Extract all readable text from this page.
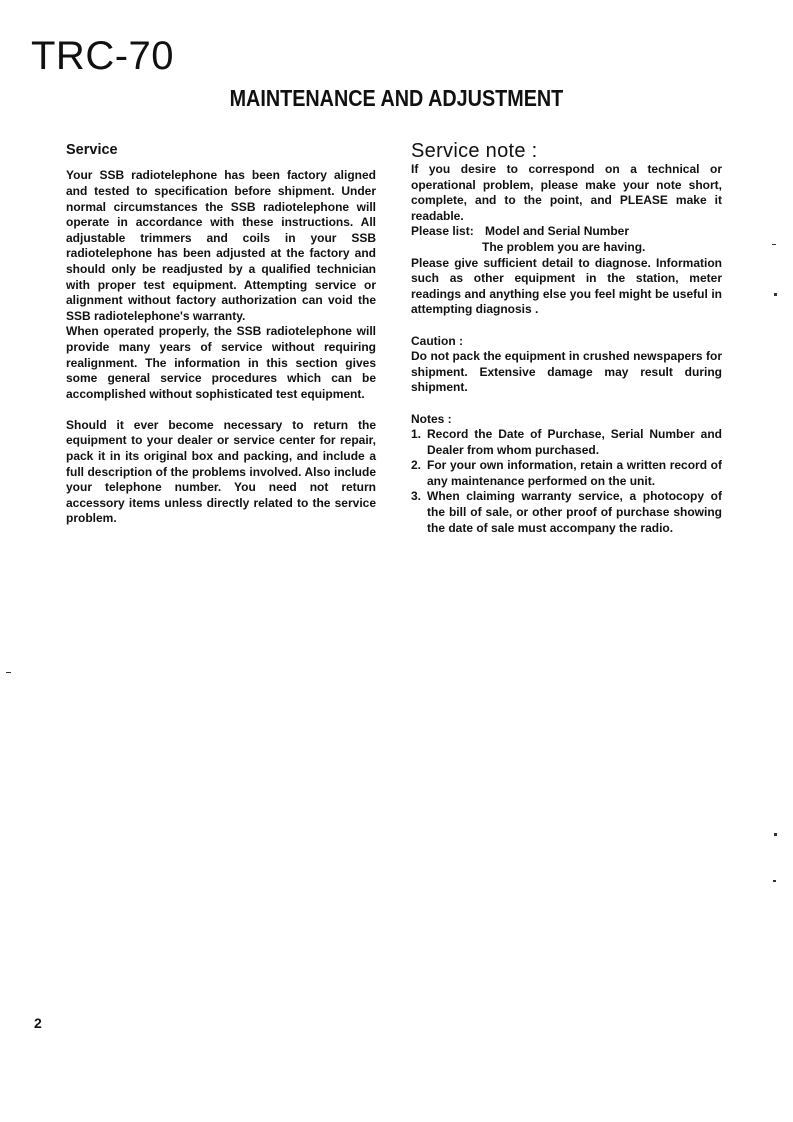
TRC-70
MAINTENANCE AND ADJUSTMENT
Service

Your SSB radiotelephone has been factory aligned and tested to specification before shipment. Under normal circumstances the SSB radiotelephone will operate in accordance with these instructions. All adjustable trimmers and coils in your SSB radiotelephone has been adjusted at the factory and should only be readjusted by a qualified technician with proper test equipment. Attempting service or alignment without factory authorization can void the SSB radiotelephone's warranty.

When operated properly, the SSB radiotelephone will provide many years of service without requiring realignment. The information in this section gives some general service procedures which can be accomplished without sophisticated test equipment.

Should it ever become necessary to return the equipment to your dealer or service center for repair, pack it in its original box and packing, and include a full description of the problems involved. Also include your telephone number. You need not return accessory items unless directly related to the service problem.

Service note :

If you desire to correspond on a technical or operational problem, please make your note short, complete, and to the point, and PLEASE make it readable.

Please list: Model and Serial Number
The problem you are having.

Please give sufficient detail to diagnose. Information such as other equipment in the station, meter readings and anything else you feel might be useful in attempting diagnosis .

Caution :

Do not pack the equipment in crushed newspapers for shipment. Extensive damage may result during shipment.

Notes :
1. Record the Date of Purchase, Serial Number and Dealer from whom purchased.
2. For your own information, retain a written record of any maintenance performed on the unit.
3. When claiming warranty service, a photocopy of the bill of sale, or other proof of purchase showing the date of sale must accompany the radio.
2
